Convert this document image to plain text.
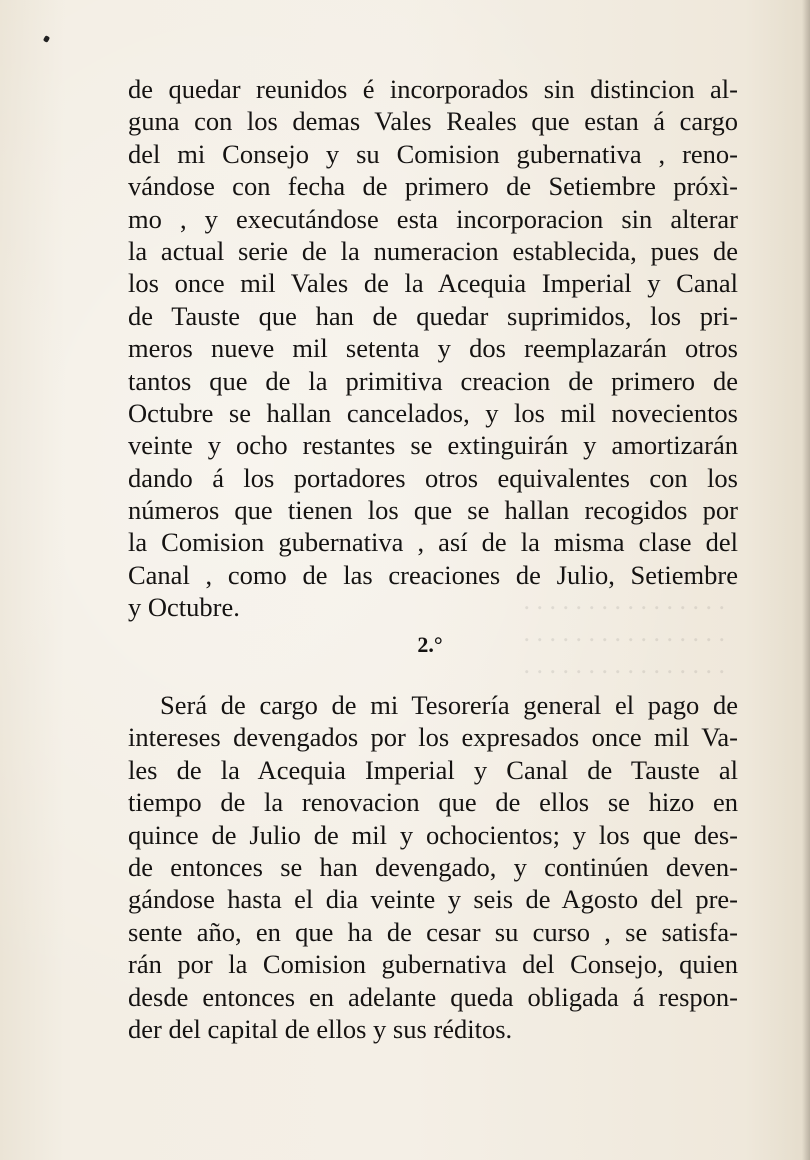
. . . . . . . . . . . . . . . .
. . . . . . . . . . . . . . . .
. . . . . . . . . . . . . . . .
de quedar reunidos é incorporados sin distincion al-
guna con los demas Vales Reales que estan á cargo
del mi Consejo y su Comision gubernativa , reno-
vándose con fecha de primero de Setiembre próxì-
mo , y executándose esta incorporacion sin alterar
la actual serie de la numeracion establecida, pues de
los once mil Vales de la Acequia Imperial y Canal
de Tauste que han de quedar suprimidos, los pri-
meros nueve mil setenta y dos reemplazarán otros
tantos que de la primitiva creacion de primero de
Octubre se hallan cancelados, y los mil novecientos
veinte y ocho restantes se extinguirán y amortizarán
dando á los portadores otros equivalentes con los
números que tienen los que se hallan recogidos por
la Comision gubernativa , así de la misma clase del
Canal , como de las creaciones de Julio, Setiembre
y Octubre.
2.°
Será de cargo de mi Tesorería general el pago de
intereses devengados por los expresados once mil Va-
les de la Acequia Imperial y Canal de Tauste al
tiempo de la renovacion que de ellos se hizo en
quince de Julio de mil y ochocientos; y los que des-
de entonces se han devengado, y continúen deven-
gándose hasta el dia veinte y seis de Agosto del pre-
sente año, en que ha de cesar su curso , se satisfa-
rán por la Comision gubernativa del Consejo, quien
desde entonces en adelante queda obligada á respon-
der del capital de ellos y sus réditos.
